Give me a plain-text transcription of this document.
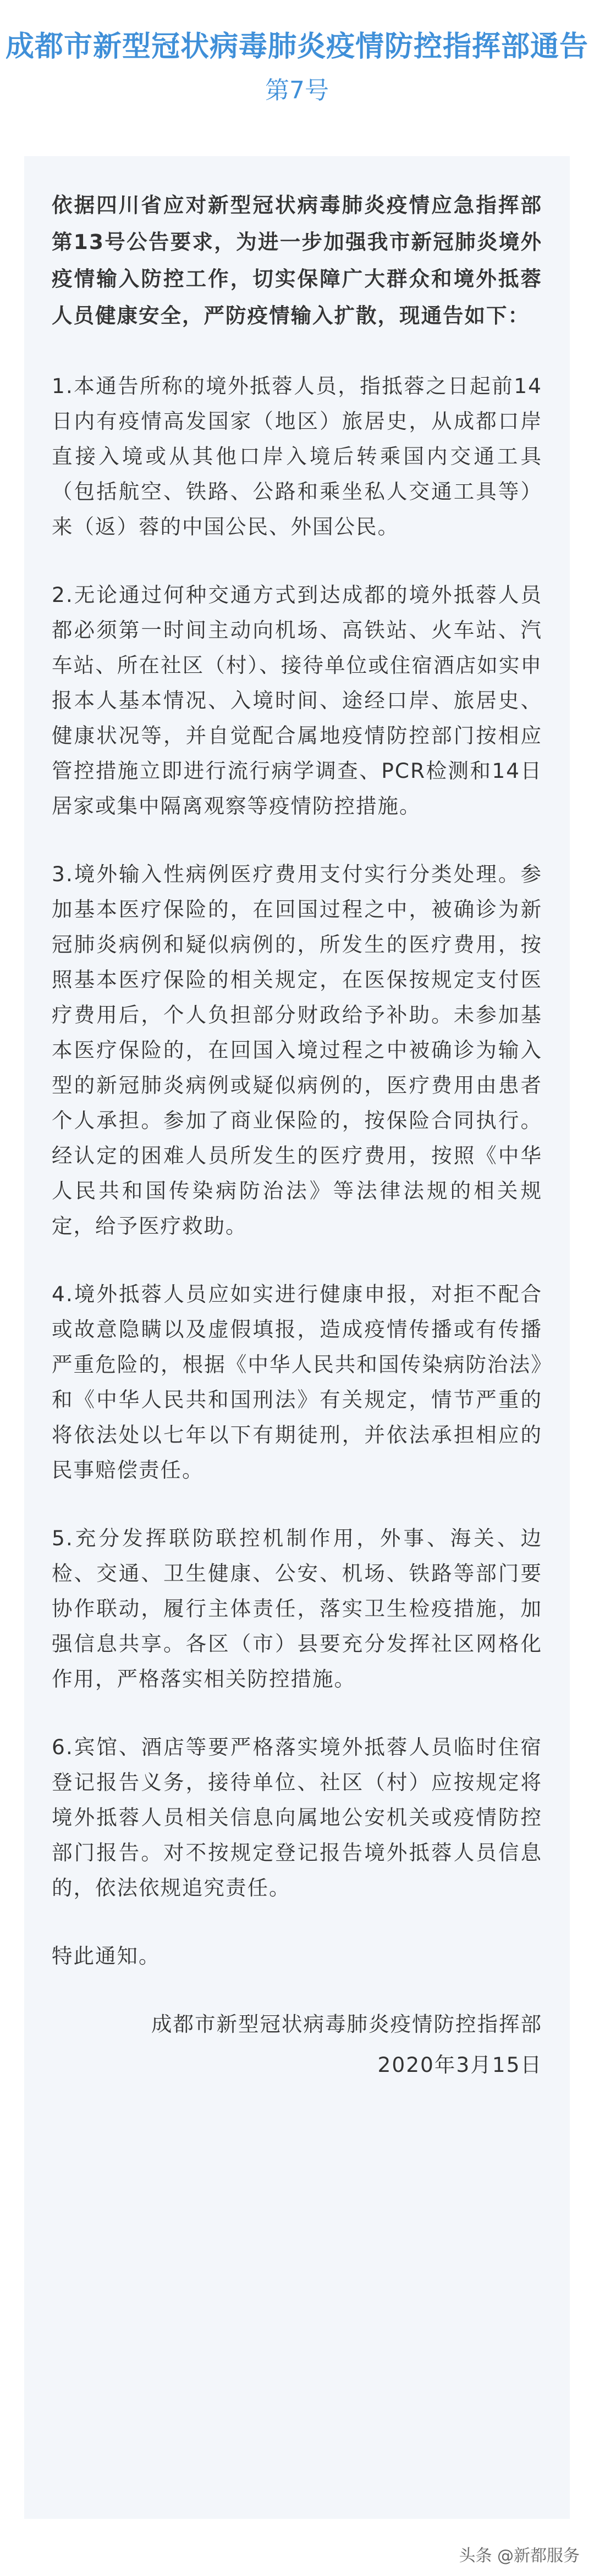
成都市新型冠状病毒肺炎疫情防控指挥部通告
第7号

依据四川省应对新型冠状病毒肺炎疫情应急指挥部第13号公告要求，为进一步加强我市新冠肺炎境外疫情输入防控工作，切实保障广大群众和境外抵蓉人员健康安全，严防疫情输入扩散，现通告如下：

1.本通告所称的境外抵蓉人员，指抵蓉之日起前14日内有疫情高发国家（地区）旅居史，从成都口岸直接入境或从其他口岸入境后转乘国内交通工具（包括航空、铁路、公路和乘坐私人交通工具等）来（返）蓉的中国公民、外国公民。

2.无论通过何种交通方式到达成都的境外抵蓉人员都必须第一时间主动向机场、高铁站、火车站、汽车站、所在社区（村）、接待单位或住宿酒店如实申报本人基本情况、入境时间、途经口岸、旅居史、健康状况等，并自觉配合属地疫情防控部门按相应管控措施立即进行流行病学调查、PCR检测和14日居家或集中隔离观察等疫情防控措施。

3.境外输入性病例医疗费用支付实行分类处理。参加基本医疗保险的，在回国过程之中，被确诊为新冠肺炎病例和疑似病例的，所发生的医疗费用，按照基本医疗保险的相关规定，在医保按规定支付医疗费用后，个人负担部分财政给予补助。未参加基本医疗保险的，在回国入境过程之中被确诊为输入型的新冠肺炎病例或疑似病例的，医疗费用由患者个人承担。参加了商业保险的，按保险合同执行。经认定的困难人员所发生的医疗费用，按照《中华人民共和国传染病防治法》等法律法规的相关规定，给予医疗救助。

4.境外抵蓉人员应如实进行健康申报，对拒不配合或故意隐瞒以及虚假填报，造成疫情传播或有传播严重危险的，根据《中华人民共和国传染病防治法》和《中华人民共和国刑法》有关规定，情节严重的将依法处以七年以下有期徒刑，并依法承担相应的民事赔偿责任。

5.充分发挥联防联控机制作用，外事、海关、边检、交通、卫生健康、公安、机场、铁路等部门要协作联动，履行主体责任，落实卫生检疫措施，加强信息共享。各区（市）县要充分发挥社区网格化作用，严格落实相关防控措施。

6.宾馆、酒店等要严格落实境外抵蓉人员临时住宿登记报告义务，接待单位、社区（村）应按规定将境外抵蓉人员相关信息向属地公安机关或疫情防控部门报告。对不按规定登记报告境外抵蓉人员信息的，依法依规追究责任。

特此通知。

成都市新型冠状病毒肺炎疫情防控指挥部

2020年3月15日

头条 @新都服务
